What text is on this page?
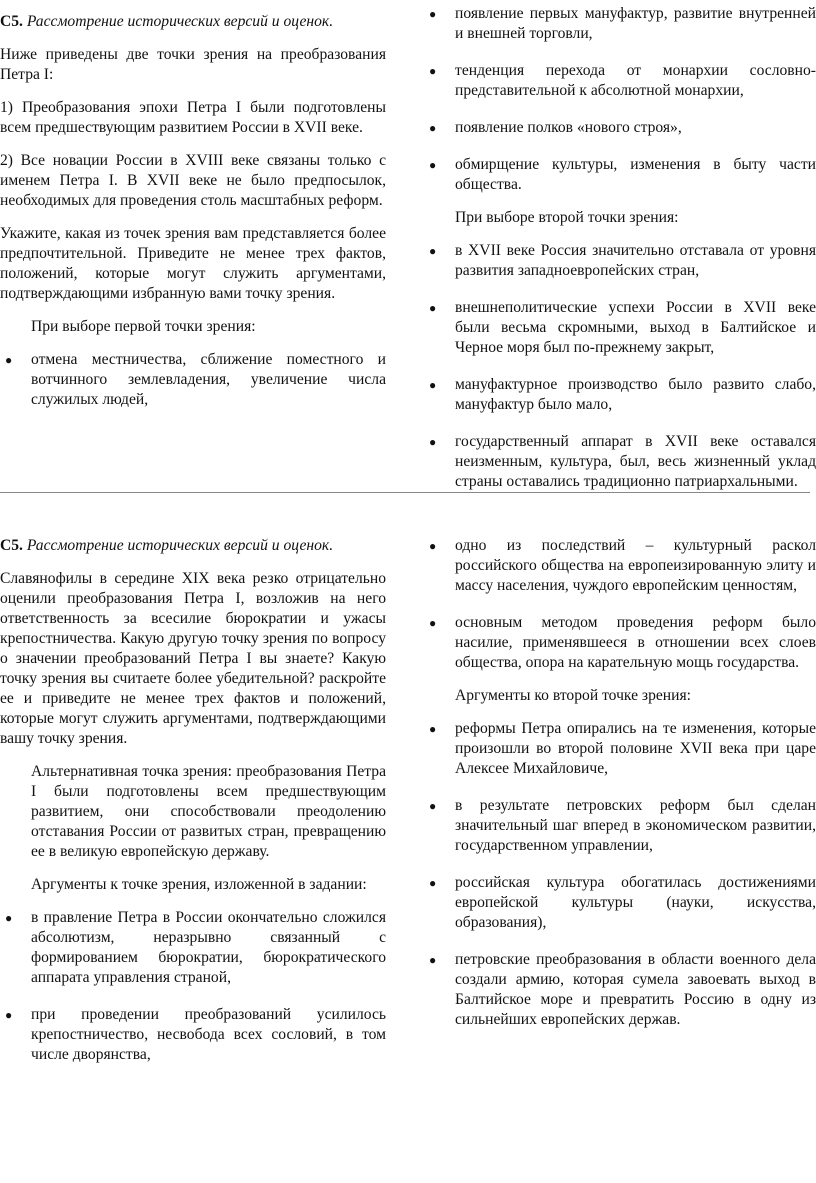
С5. Рассмотрение исторических версий и оценок.

Ниже приведены две точки зрения на преобразования Петра I:

1) Преобразования эпохи Петра I были подготовлены всем предшествующим развитием России в XVII веке.

2) Все новации России в XVIII веке связаны только с именем Петра I. В XVII веке не было предпосылок, необходимых для проведения столь масштабных реформ.

Укажите, какая из точек зрения вам представляется более предпочтительной. Приведите не менее трех фактов, положений, которые могут служить аргументами, подтверждающими избранную вами точку зрения.

При выборе первой точки зрения:

● отмена местничества, сближение поместного и вотчинного землевладения, увеличение числа служилых людей,
● появление первых мануфактур, развитие внутренней и внешней торговли,
● тенденция перехода от монархии сословно-представительной к абсолютной монархии,
● появление полков «нового строя»,
● обмирщение культуры, изменения в быту части общества.

При выборе второй точки зрения:

● в XVII веке Россия значительно отставала от уровня развития западноевропейских стран,
● внешнеполитические успехи России в XVII веке были весьма скромными, выход в Балтийское и Черное моря был по-прежнему закрыт,
● мануфактурное производство было развито слабо, мануфактур было мало,
● государственный аппарат в XVII веке оставался неизменным, культура, был, весь жизненный уклад страны оставались традиционно патриархальными.

С5. Рассмотрение исторических версий и оценок.

Славянофилы в середине XIX века резко отрицательно оценили преобразования Петра I, возложив на него ответственность за всесилие бюрократии и ужасы крепостничества. Какую другую точку зрения по вопросу о значении преобразований Петра I вы знаете? Какую точку зрения вы считаете более убедительной? раскройте ее и приведите не менее трех фактов и положений, которые могут служить аргументами, подтверждающими вашу точку зрения.

Альтернативная точка зрения: преобразования Петра I были подготовлены всем предшествующим развитием, они способствовали преодолению отставания России от развитых стран, превращению ее в великую европейскую державу.

Аргументы к точке зрения, изложенной в задании:

● в правление Петра в России окончательно сложился абсолютизм, неразрывно связанный с формированием бюрократии, бюрократического аппарата управления страной,
● при проведении преобразований усилилось крепостничество, несвобода всех сословий, в том числе дворянства,
● одно из последствий – культурный раскол российского общества на европеизированную элиту и массу населения, чуждого европейским ценностям,
● основным методом проведения реформ было насилие, применявшееся в отношении всех слоев общества, опора на карательную мощь государства.

Аргументы ко второй точке зрения:

● реформы Петра опирались на те изменения, которые произошли во второй половине XVII века при царе Алексее Михайловиче,
● в результате петровских реформ был сделан значительный шаг вперед в экономическом развитии, государственном управлении,
● российская культура обогатилась достижениями европейской культуры (науки, искусства, образования),
● петровские преобразования в области военного дела создали армию, которая сумела завоевать выход в Балтийское море и превратить Россию в одну из сильнейших европейских держав.
